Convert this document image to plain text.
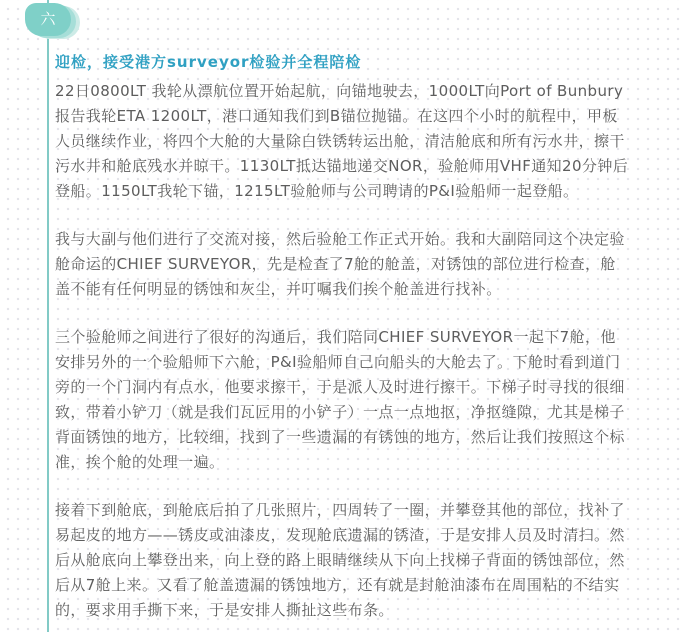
六
迎检，接受港方surveyor检验并全程陪检

22日0800LT 我轮从漂航位置开始起航，向锚地驶去，1000LT向Port of Bunbury
报告我轮ETA 1200LT，港口通知我们到B锚位抛锚。在这四个小时的航程中，甲板
人员继续作业，将四个大舱的大量除白铁锈转运出舱，清洁舱底和所有污水井，擦干
污水井和舱底残水并晾干。1130LT抵达锚地递交NOR，验舱师用VHF通知20分钟后
登船。1150LT我轮下锚，1215LT验舱师与公司聘请的P&I验船师一起登船。

我与大副与他们进行了交流对接，然后验舱工作正式开始。我和大副陪同这个决定验
舱命运的CHIEF SURVEYOR，先是检查了7舱的舱盖，对锈蚀的部位进行检查，舱
盖不能有任何明显的锈蚀和灰尘，并叮嘱我们挨个舱盖进行找补。

三个验舱师之间进行了很好的沟通后，我们陪同CHIEF SURVEYOR一起下7舱，他
安排另外的一个验船师下六舱，P&I验船师自己向船头的大舱去了。下舱时看到道门
旁的一个门洞内有点水，他要求擦干，于是派人及时进行擦干。下梯子时寻找的很细
致，带着小铲刀（就是我们瓦匠用的小铲子）一点一点地抠，净抠缝隙，尤其是梯子
背面锈蚀的地方，比较细，找到了一些遗漏的有锈蚀的地方，然后让我们按照这个标
准，挨个舱的处理一遍。

接着下到舱底，到舱底后拍了几张照片，四周转了一圈，并攀登其他的部位，找补了
易起皮的地方——锈皮或油漆皮，发现舱底遗漏的锈渣，于是安排人员及时清扫。然
后从舱底向上攀登出来，向上登的路上眼睛继续从下向上找梯子背面的锈蚀部位，然
后从7舱上来。又看了舱盖遗漏的锈蚀地方，还有就是封舱油漆布在周围粘的不结实
的，要求用手撕下来，于是安排人撕扯这些布条。
